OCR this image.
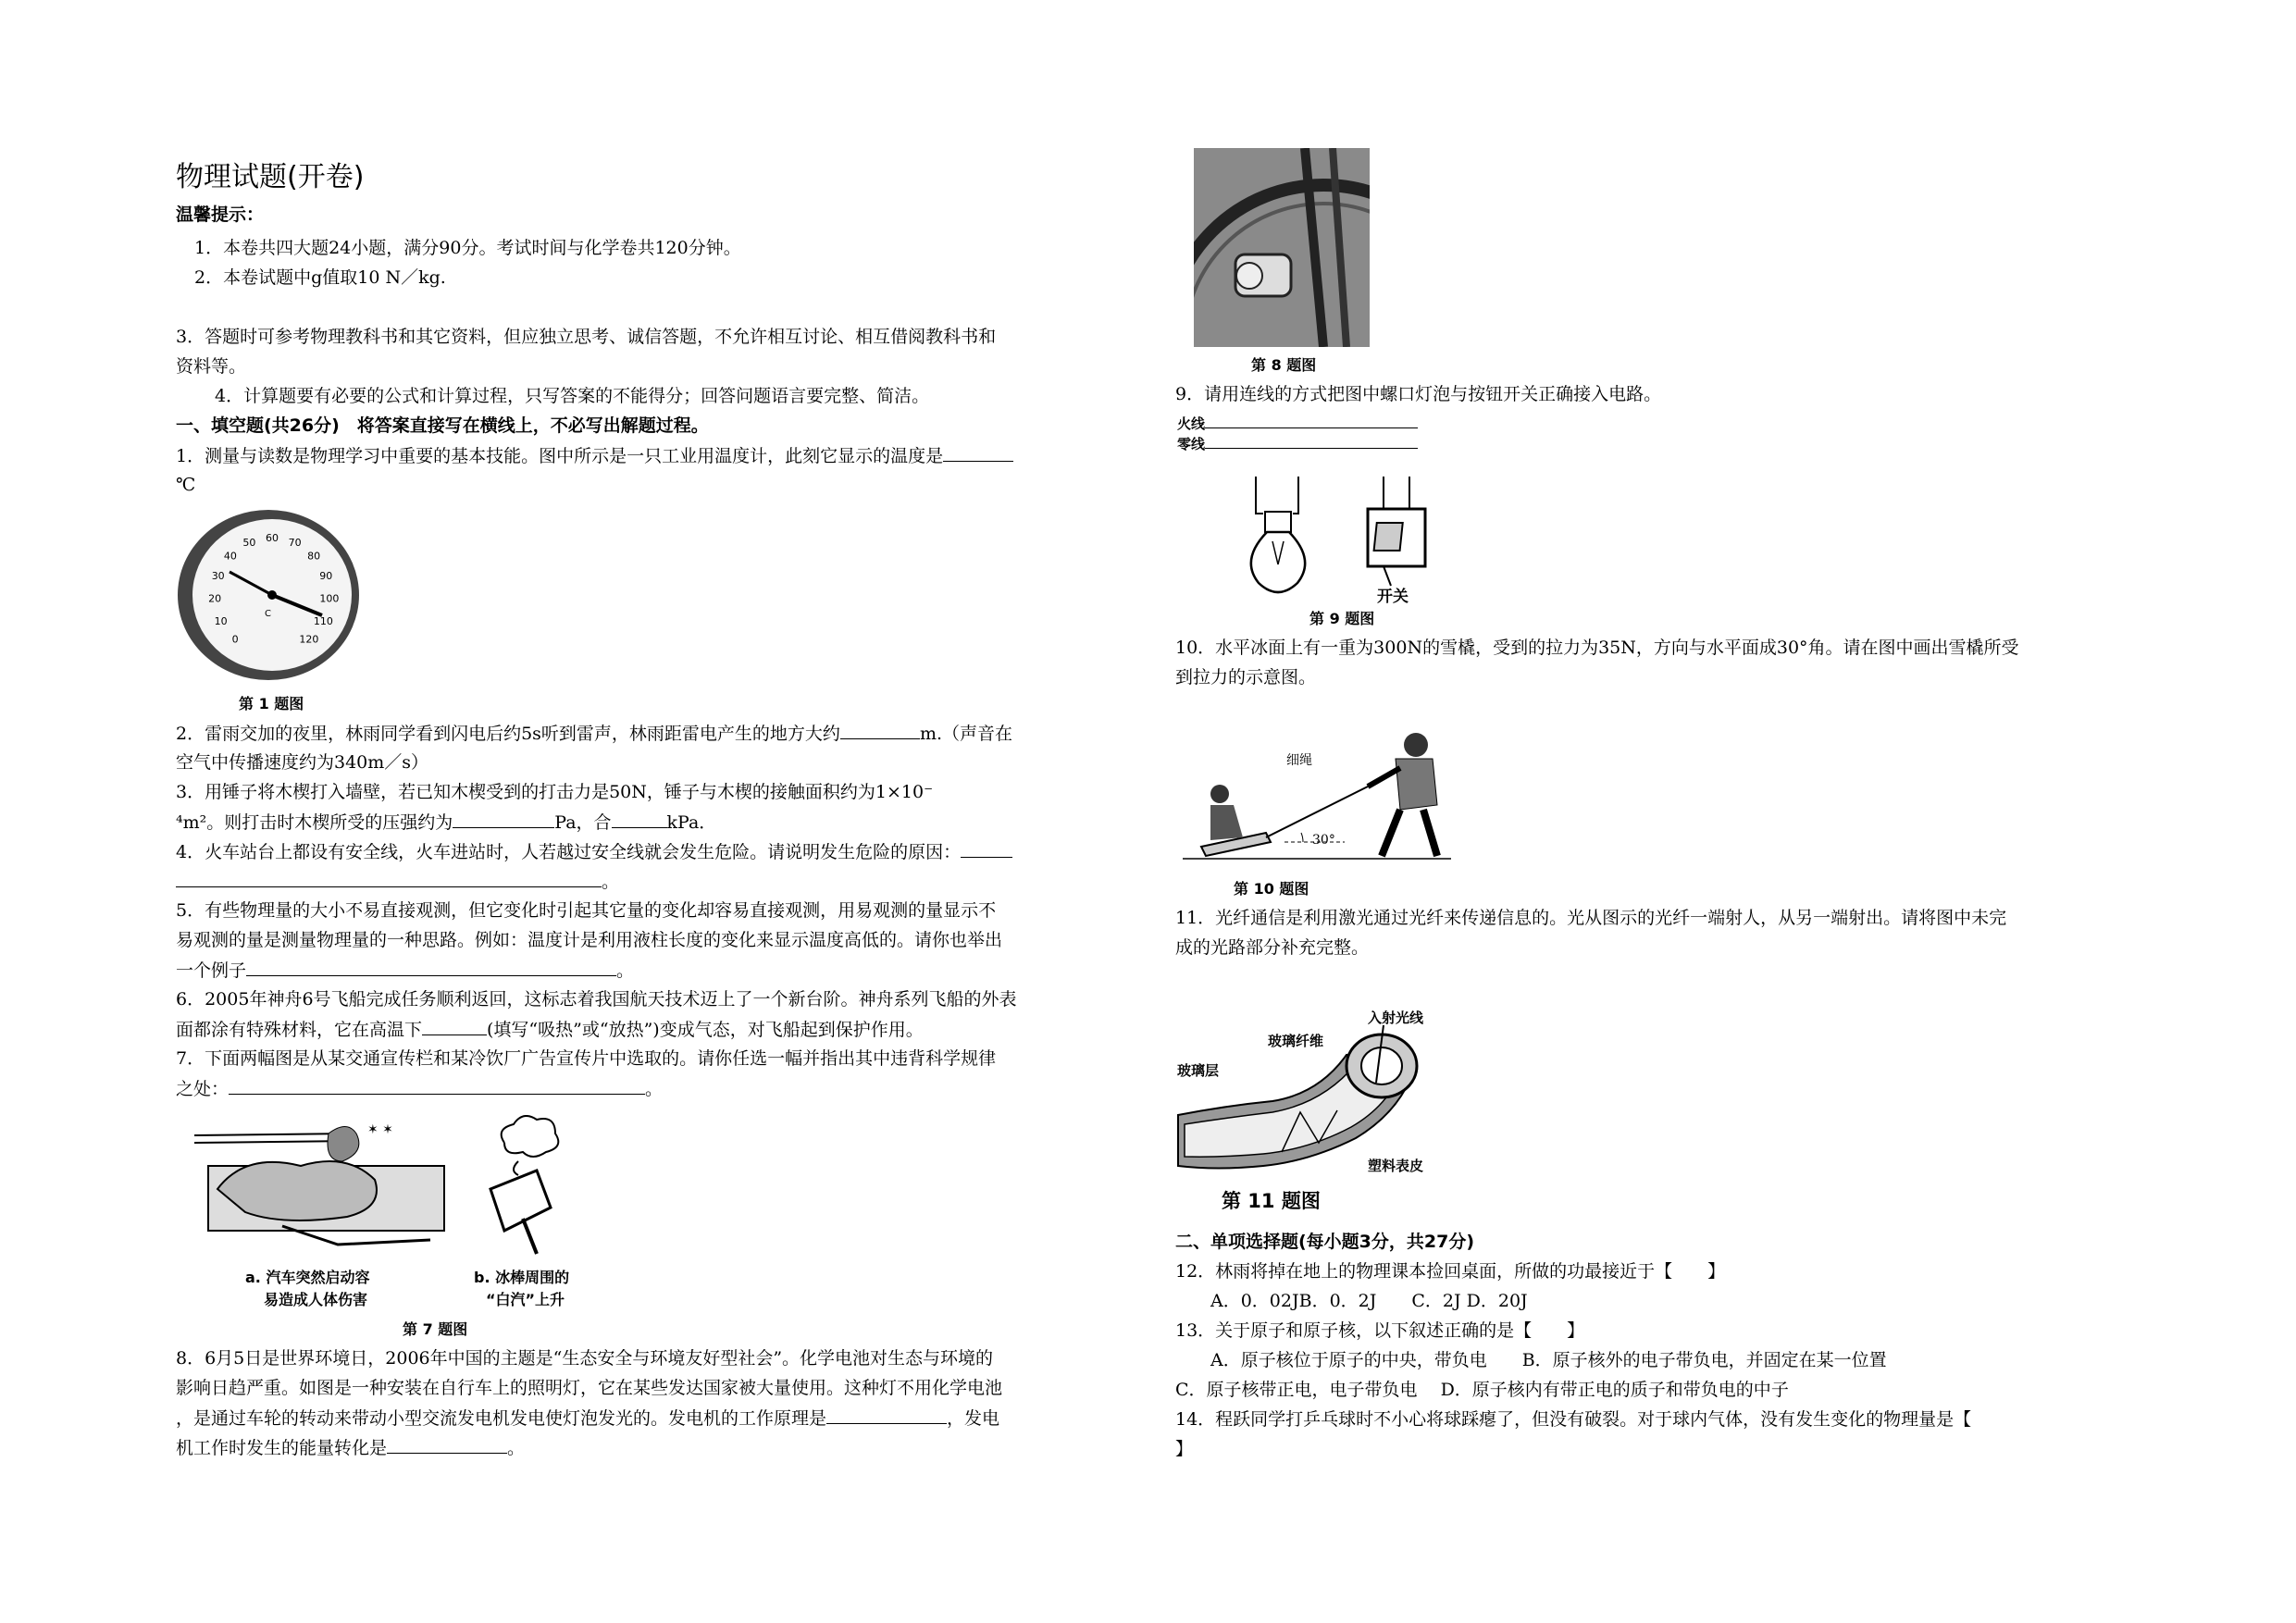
物理试题(开卷)
温馨提示：
1．本卷共四大题24小题，满分90分。考试时间与化学卷共120分钟。
2．本卷试题中g值取10 N／kg.
3．答题时可参考物理教科书和其它资料，但应独立思考、诚信答题，不允许相互讨论、相互借阅教科书和
资料等。
4．计算题要有必要的公式和计算过程，只写答案的不能得分；回答问题语言要完整、简洁。
一、填空题(共26分)　将答案直接写在横线上，不必写出解题过程。
1．测量与读数是物理学习中重要的基本技能。图中所示是一只工业用温度计，此刻它显示的温度是
℃
0
10
20
30
40
50 60 70
80
90
100
110
120
C
第 1 题图
2．雷雨交加的夜里，林雨同学看到闪电后约5s听到雷声，林雨距雷电产生的地方大约	m.（声音在
空气中传播速度约为340m／s）
3．用锤子将木楔打入墙壁，若已知木楔受到的打击力是50N，锤子与木楔的接触面积约为1×10⁻
⁴m²。则打击时木楔所受的压强约为	Pa，合	kPa．
4．火车站台上都设有安全线，火车进站时，人若越过安全线就会发生危险。请说明发生危险的原因：
。
5．有些物理量的大小不易直接观测，但它变化时引起其它量的变化却容易直接观测，用易观测的量显示不
易观测的量是测量物理量的一种思路。例如：温度计是利用液柱长度的变化来显示温度高低的。请你也举出
一个例子	。
6．2005年神舟6号飞船完成任务顺利返回，这标志着我国航天技术迈上了一个新台阶。神舟系列飞船的外表
面都涂有特殊材料，它在高温下	(填写“吸热”或“放热”)变成气态，对飞船起到保护作用。
7．下面两幅图是从某交通宣传栏和某冷饮厂广告宣传片中选取的。请你任选一幅并指出其中违背科学规律
之处：	。
✶ ✶
a. 汽车突然启动容
易造成人体伤害
b. 冰棒周围的
“白汽”上升
第 7 题图
8．6月5日是世界环境日，2006年中国的主题是“生态安全与环境友好型社会”。化学电池对生态与环境的
影响日趋严重。如图是一种安装在自行车上的照明灯，它在某些发达国家被大量使用。这种灯不用化学电池
，是通过车轮的转动来带动小型交流发电机发电使灯泡发光的。发电机的工作原理是	，发电
机工作时发生的能量转化是	。
第 8 题图
9．请用连线的方式把图中螺口灯泡与按钮开关正确接入电路。
火线
零线
开关
第 9 题图
10．水平冰面上有一重为300N的雪橇，受到的拉力为35N，方向与水平面成30°角。请在图中画出雪橇所受
到拉力的示意图。
细绳
30°
第 10 题图
11．光纤通信是利用激光通过光纤来传递信息的。光从图示的光纤一端射人，从另一端射出。请将图中未完
成的光路部分补充完整。
入射光线
玻璃纤维
玻璃层
塑料表皮
第 11 题图
二、单项选择题(每小题3分，共27分)
12．林雨将掉在地上的物理课本捡回桌面，所做的功最接近于【　　】
A．0．02JB．0．2J　　C．2J D．20J
13．关于原子和原子核，以下叙述正确的是【　　】
A．原子核位于原子的中央，带负电　　B．原子核外的电子带负电，并固定在某一位置
C．原子核带正电，电子带负电　 D．原子核内有带正电的质子和带负电的中子
14．程跃同学打乒乓球时不小心将球踩瘪了，但没有破裂。对于球内气体，没有发生变化的物理量是【
】
